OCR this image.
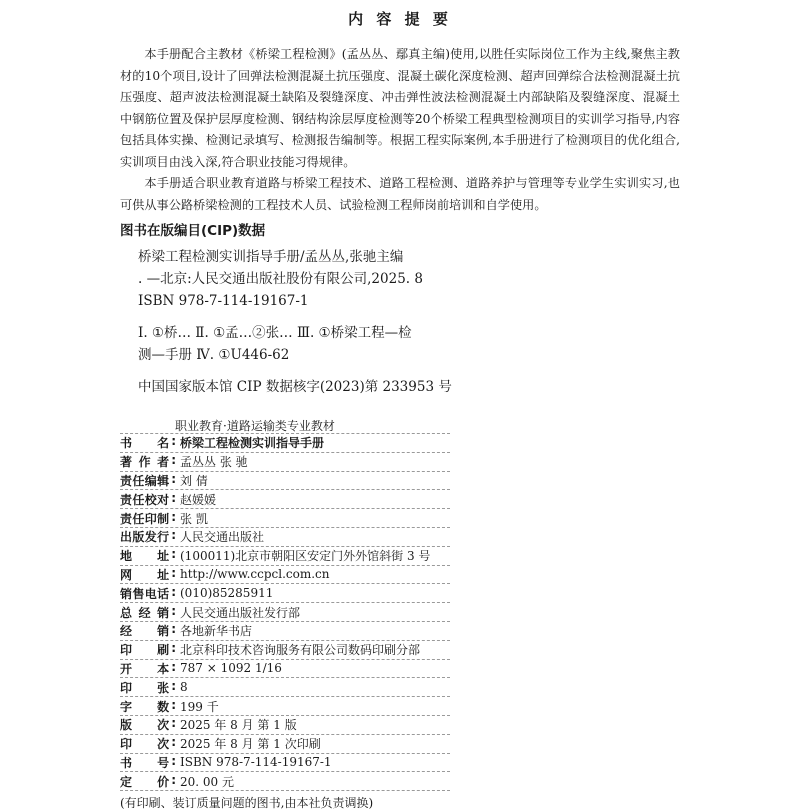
内 容 提 要

本手册配合主教材《桥梁工程检测》(孟丛丛、鄢真主编)使用,以胜任实际岗位工作为主线,聚焦主教材的10个项目,设计了回弹法检测混凝土抗压强度、混凝土碳化深度检测、超声回弹综合法检测混凝土抗压强度、超声波法检测混凝土缺陷及裂缝深度、冲击弹性波法检测混凝土内部缺陷及裂缝深度、混凝土中钢筋位置及保护层厚度检测、钢结构涂层厚度检测等20个桥梁工程典型检测项目的实训学习指导,内容包括具体实操、检测记录填写、检测报告编制等。根据工程实际案例,本手册进行了检测项目的优化组合,实训项目由浅入深,符合职业技能习得规律。

本手册适合职业教育道路与桥梁工程技术、道路工程检测、道路养护与管理等专业学生实训实习,也可供从事公路桥梁检测的工程技术人员、试验检测工程师岗前培训和自学使用。

图书在版编目(CIP)数据
桥梁工程检测实训指导手册/孟丛丛,张驰主编
. —北京:人民交通出版社股份有限公司,2025. 8
ISBN 978-7-114-19167-1
Ⅰ. ①桥… Ⅱ. ①孟…②张… Ⅲ. ①桥梁工程—检
测—手册 Ⅳ. ①U446-62
中国国家版本馆 CIP 数据核字(2023)第 233953 号
职业教育·道路运输类专业教材
书 名 : 桥梁工程检测实训指导手册
著 作 者 : 孟丛丛 张 驰
责 任 编 辑 : 刘 倩
责 任 校 对 : 赵媛媛
责 任 印 制 : 张 凯
出 版 发 行 : 人民交通出版社
地 址 : (100011)北京市朝阳区安定门外外馆斜街 3 号
网 址 : http://www.ccpcl.com.cn
销 售 电 话 : (010)85285911
总 经 销 : 人民交通出版社发行部
经 销 : 各地新华书店
印 刷 : 北京科印技术咨询服务有限公司数码印刷分部
开 本 : 787 × 1092 1/16
印 张 : 8
字 数 : 199 千
版 次 : 2025 年 8 月 第 1 版
印 次 : 2025 年 8 月 第 1 次印刷
书 号 : ISBN 978-7-114-19167-1
定 价 : 20. 00 元
(有印刷、装订质量问题的图书,由本社负责调换)
